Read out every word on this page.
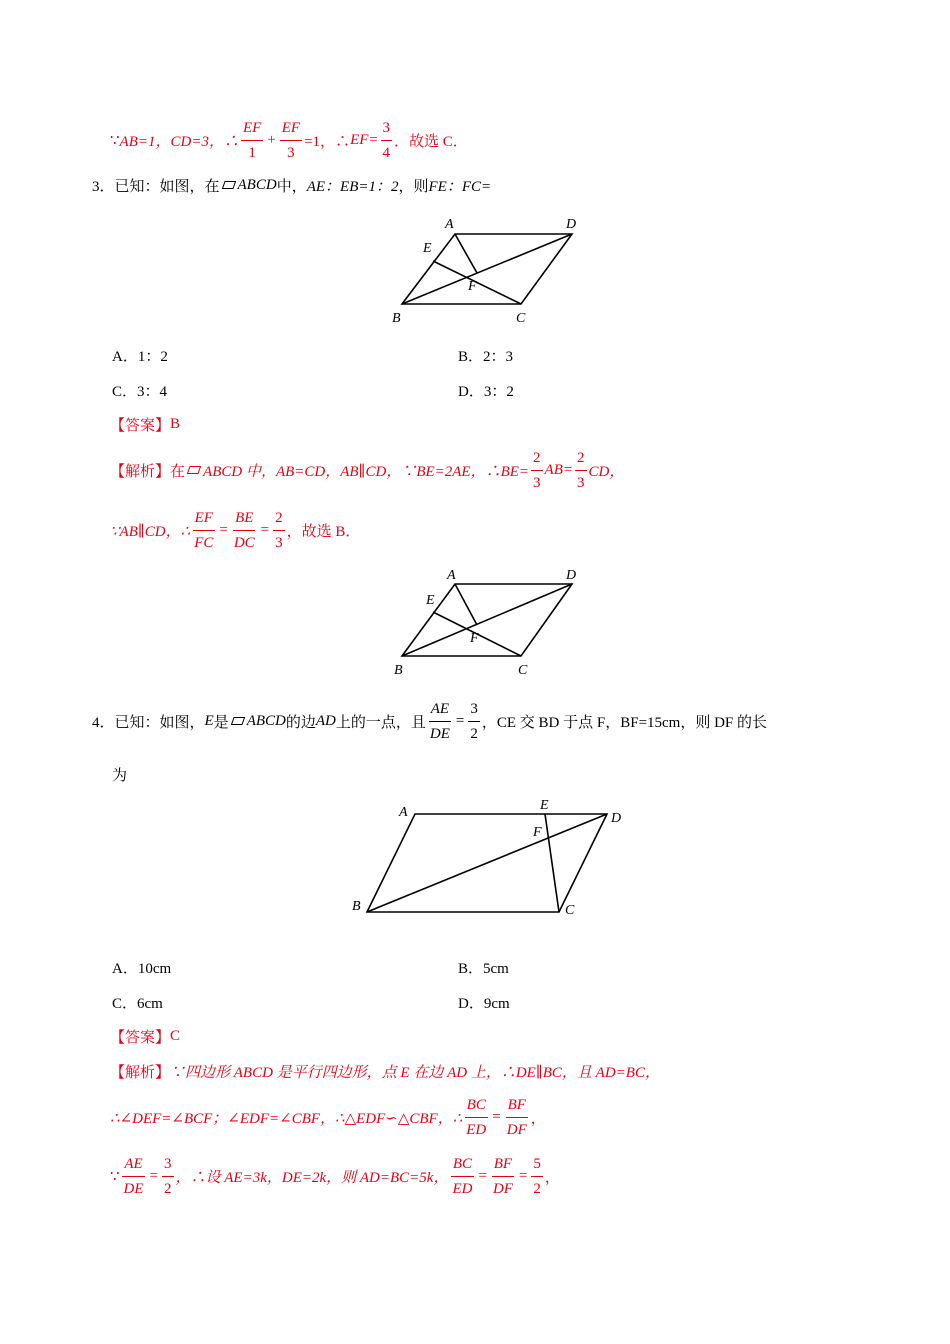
∵ AB=1， CD=3，∴ $\frac{EF}{1} + \frac{EF}{3} =1$，∴ $EF= \frac{3}{4}$ ．故选 C．
3．已知：如图，在 ABCD 中， AE：EB=1：2 ，则 FE：FC=
A	D
E
F
B	C
A．1：2	B．2：3
C．3：4	D．3：2
【答案】 B
【解析】 在 ABCD 中，AB=CD，AB∥CD，∵BE=2AE，∴BE= $\frac{2}{3} AB= \frac{2}{3}$ CD，
∵AB∥CD，∴ $\frac{EF}{FC} = \frac{BE}{DC} = \frac{2}{3}$ ，故选 B．
A	D
E
F
B	C
4．已知：如图， E 是 ABCD 的边 AD 上的一点，且 $\frac{AE}{DE} = \frac{3}{2}$ ，CE 交 BD 于点 F，BF=15cm，则 DF 的长
为
A	E
D
F
B	C
A．10cm	B．5cm
C．6cm	D．9cm
【答案】 C
【解析】 ∵四边形 ABCD 是平行四边形，点 E 在边 AD 上，∴DE∥BC，且 AD=BC，
∴∠DEF=∠BCF；∠EDF=∠CBF，∴△EDF∽△CBF，∴ $\frac{BC}{ED} = \frac{BF}{DF}$ ，
∵ $\frac{AE}{DE} = \frac{3}{2}$ ，∴设 AE=3k，DE=2k，则 AD=BC=5k， $\frac{BC}{ED} = \frac{BF}{DF} = \frac{5}{2}$ ，
